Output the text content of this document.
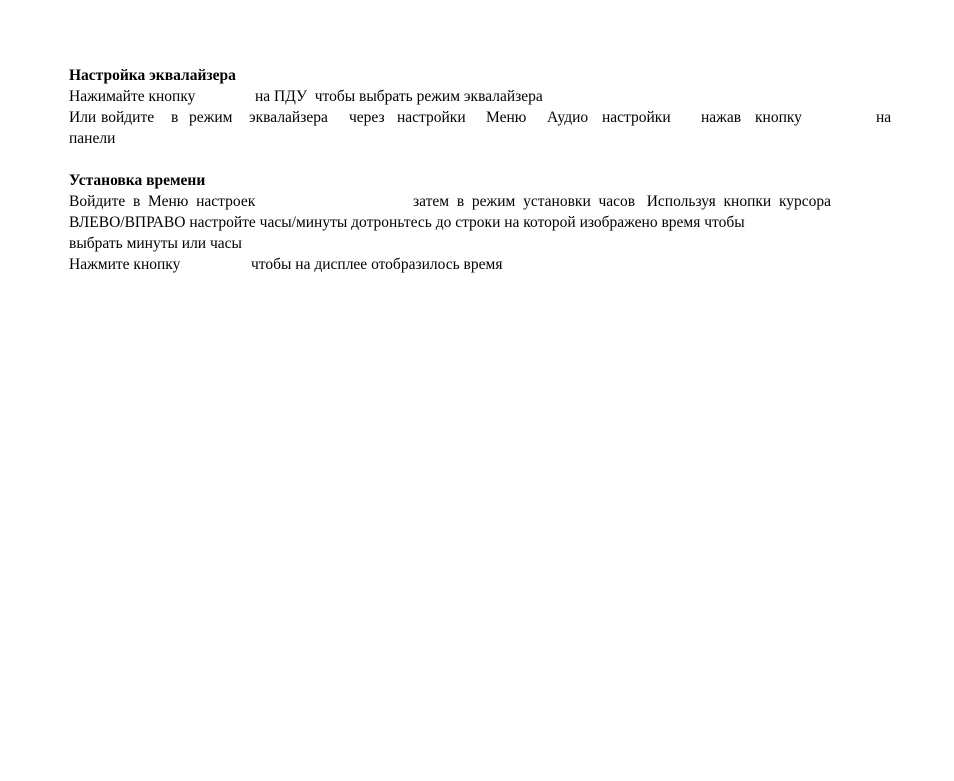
Настройка эквалайзера
Нажимайте кнопку	на ПДУ  чтобы выбрать режим эквалайзера
Или войдите в режим эквалайзера через настройки Меню Аудио настройки нажав кнопку	на
панели
Установка времени
Войдите  в  Меню  настроек	затем  в  режим  установки  часов   Используя  кнопки  курсора
ВЛЕВО/ВПРАВО настройте часы/минуты дотроньтесь до строки на которой изображено время чтобы
выбрать минуты или часы
Нажмите кнопку	чтобы на дисплее отобразилось время
